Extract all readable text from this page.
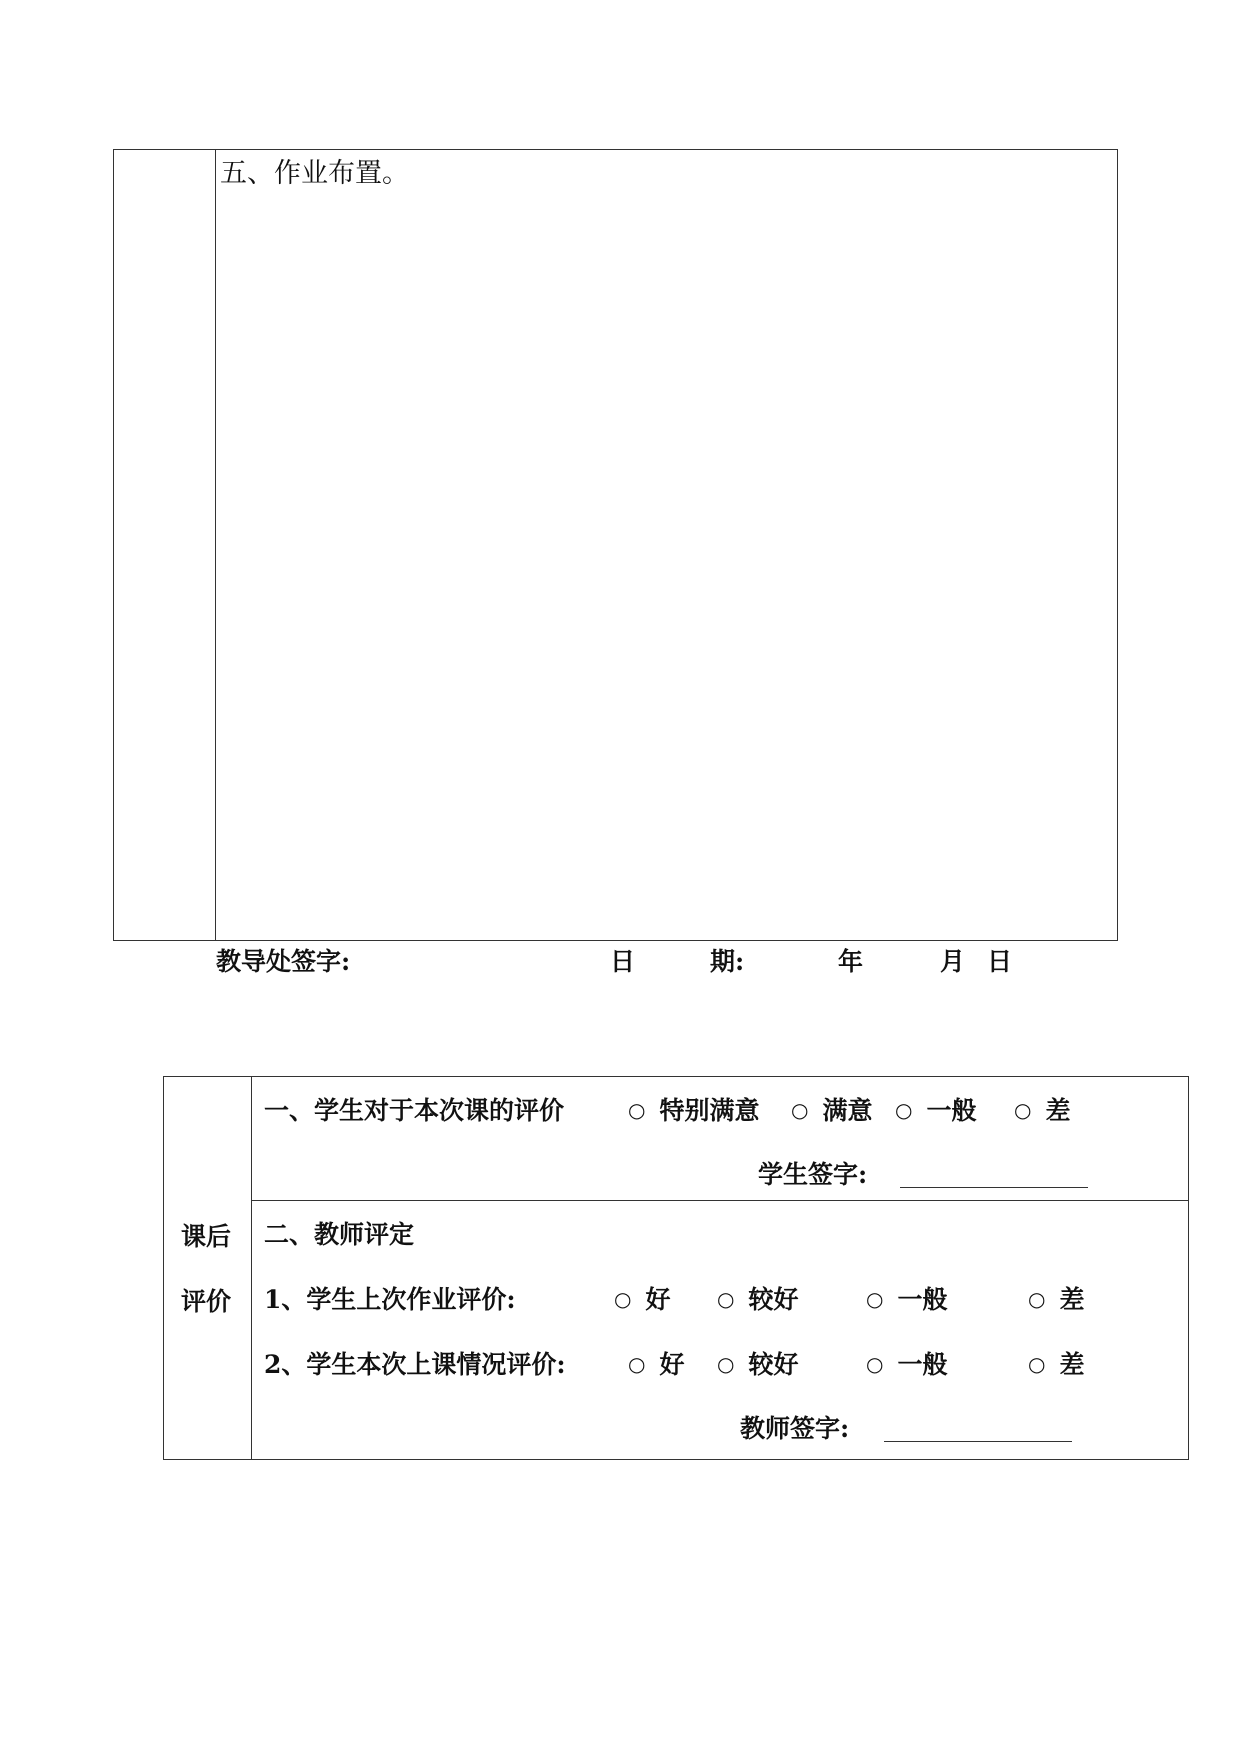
五、作业布置。
教导处签字:	日	期:	年	月 日
课后
评价
一、学生对于本次课的评价	○ 特别满意 ○ 满意 ○ 一般 ○ 差
学生签字:
二、教师评定
1、学生上次作业评价:	○ 好 ○ 较好	○ 一般	○ 差
2、学生本次上课情况评价:	○ 好 ○ 较好	○ 一般	○ 差
教师签字:
